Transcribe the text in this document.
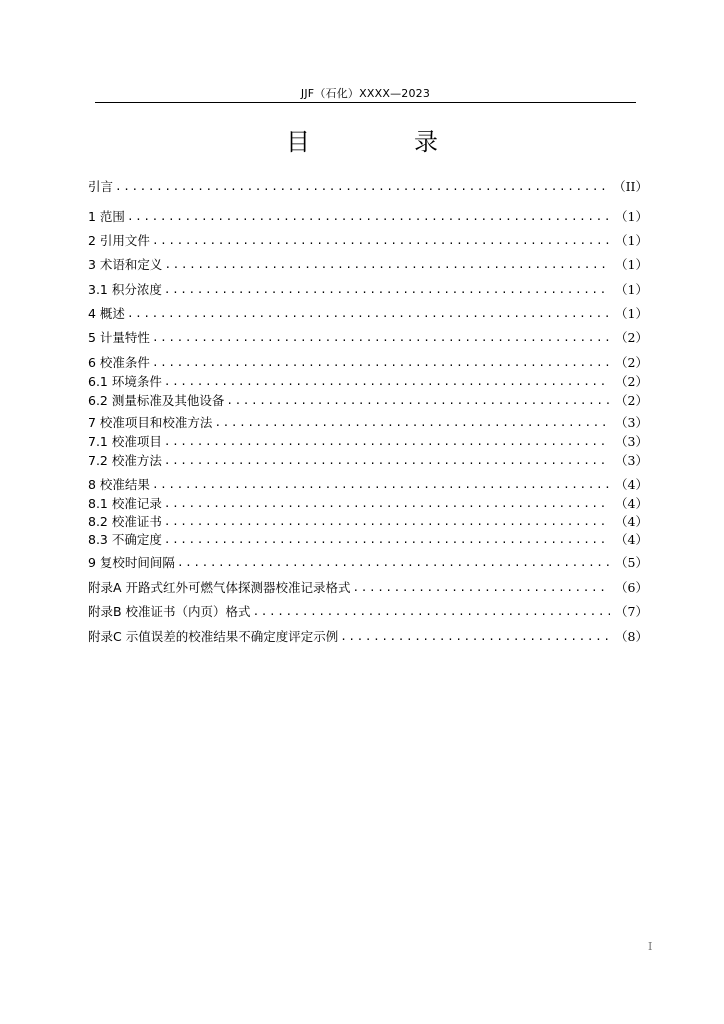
JJF（石化）XXXX—2023
目　录
引言 .....	（II）
1 范围 .....	（1）
2 引用文件 .....	（1）
3 术语和定义 .....	（1）
3.1 积分浓度 .....	（1）
4 概述 .....	（1）
5 计量特性 .....	（2）
6 校准条件 .....	（2）
6.1 环境条件 .....	（2）
6.2 测量标准及其他设备 .....	（2）
7 校准项目和校准方法 .....	（3）
7.1 校准项目 .....	（3）
7.2 校准方法 .....	（3）
8 校准结果 .....	（4）
8.1 校准记录 .....	（4）
8.2 校准证书 .....	（4）
8.3 不确定度 .....	（4）
9 复校时间间隔 .....	（5）
附录A 开路式红外可燃气体探测器校准记录格式 .....	（6）
附录B 校准证书（内页）格式 .....	（7）
附录C 示值误差的校准结果不确定度评定示例 .....	（8）
I
